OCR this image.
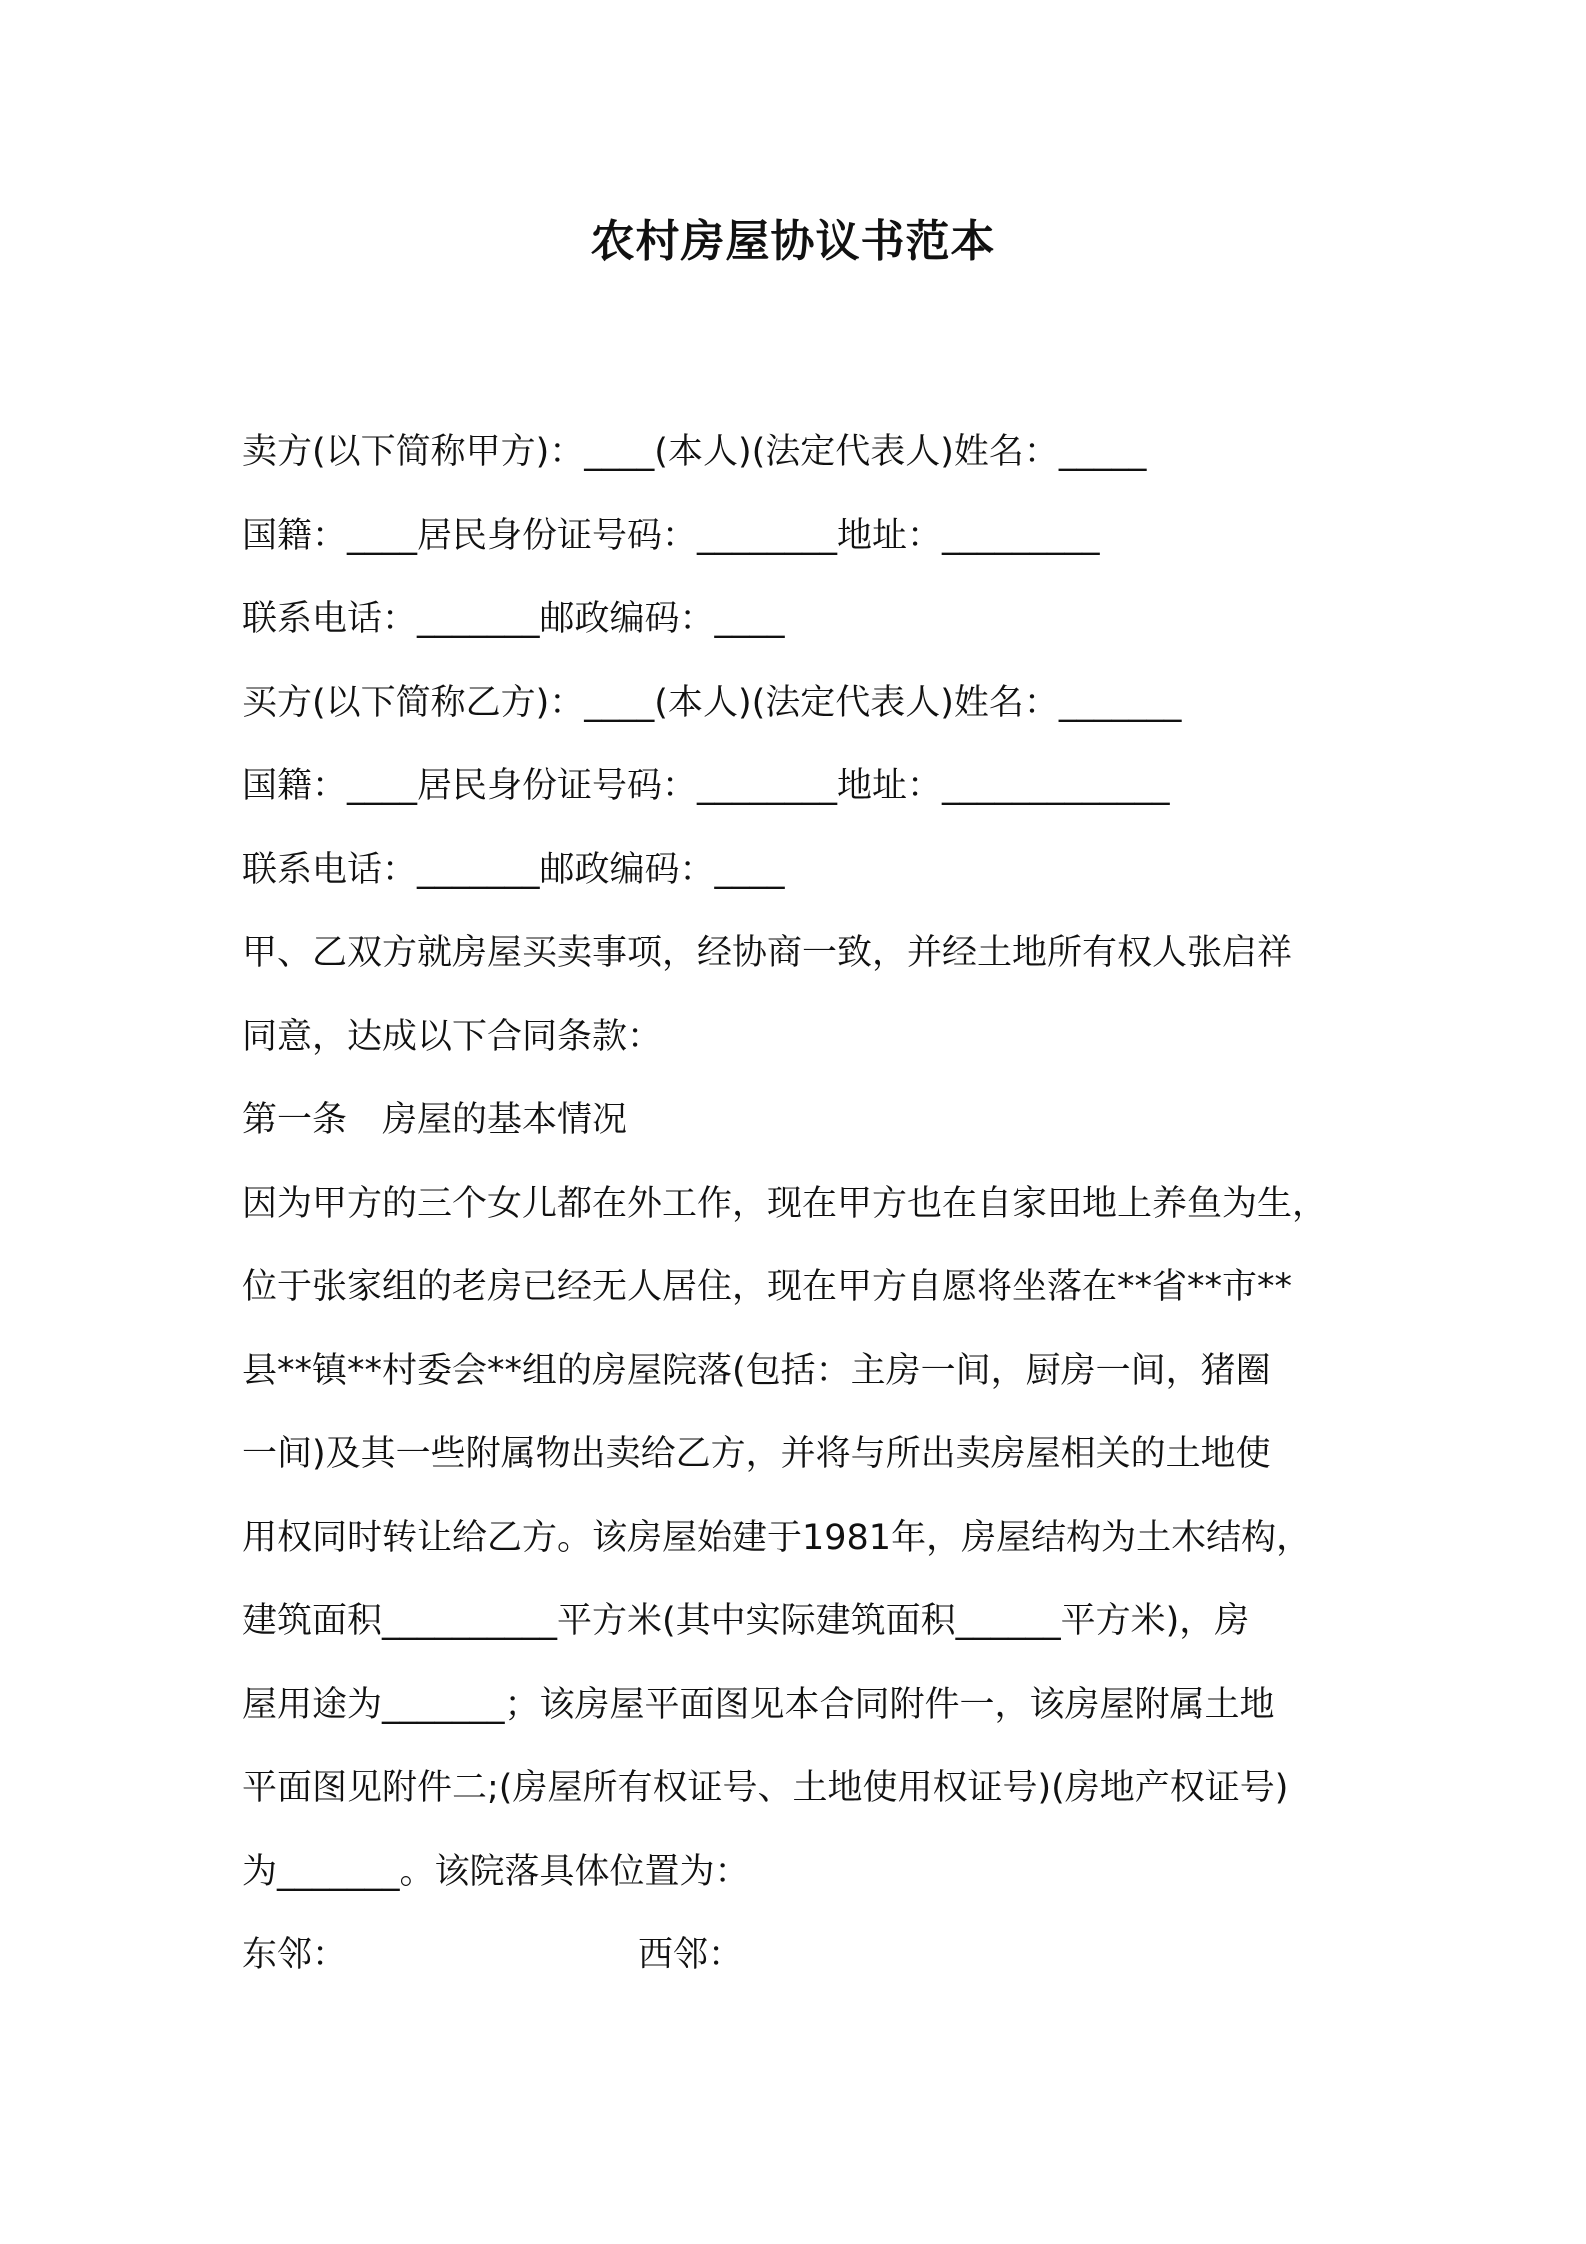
农村房屋协议书范本
卖方(以下简称甲方)：____(本人)(法定代表人)姓名：_____
国籍：____居民身份证号码：________地址：_________
联系电话：_______邮政编码：____
买方(以下简称乙方)：____(本人)(法定代表人)姓名：_______
国籍：____居民身份证号码：________地址：_____________
联系电话：_______邮政编码：____
甲、乙双方就房屋买卖事项，经协商一致，并经土地所有权人张启祥
同意，达成以下合同条款：
第一条　房屋的基本情况
因为甲方的三个女儿都在外工作，现在甲方也在自家田地上养鱼为生，
位于张家组的老房已经无人居住，现在甲方自愿将坐落在**省**市**
县**镇**村委会**组的房屋院落(包括：主房一间，厨房一间，猪圈
一间)及其一些附属物出卖给乙方，并将与所出卖房屋相关的土地使
用权同时转让给乙方。该房屋始建于1981年，房屋结构为土木结构，
建筑面积__________平方米(其中实际建筑面积______平方米)，房
屋用途为_______；该房屋平面图见本合同附件一，该房屋附属土地
平面图见附件二;(房屋所有权证号、土地使用权证号)(房地产权证号)
为_______。该院落具体位置为：
东邻：	西邻：
